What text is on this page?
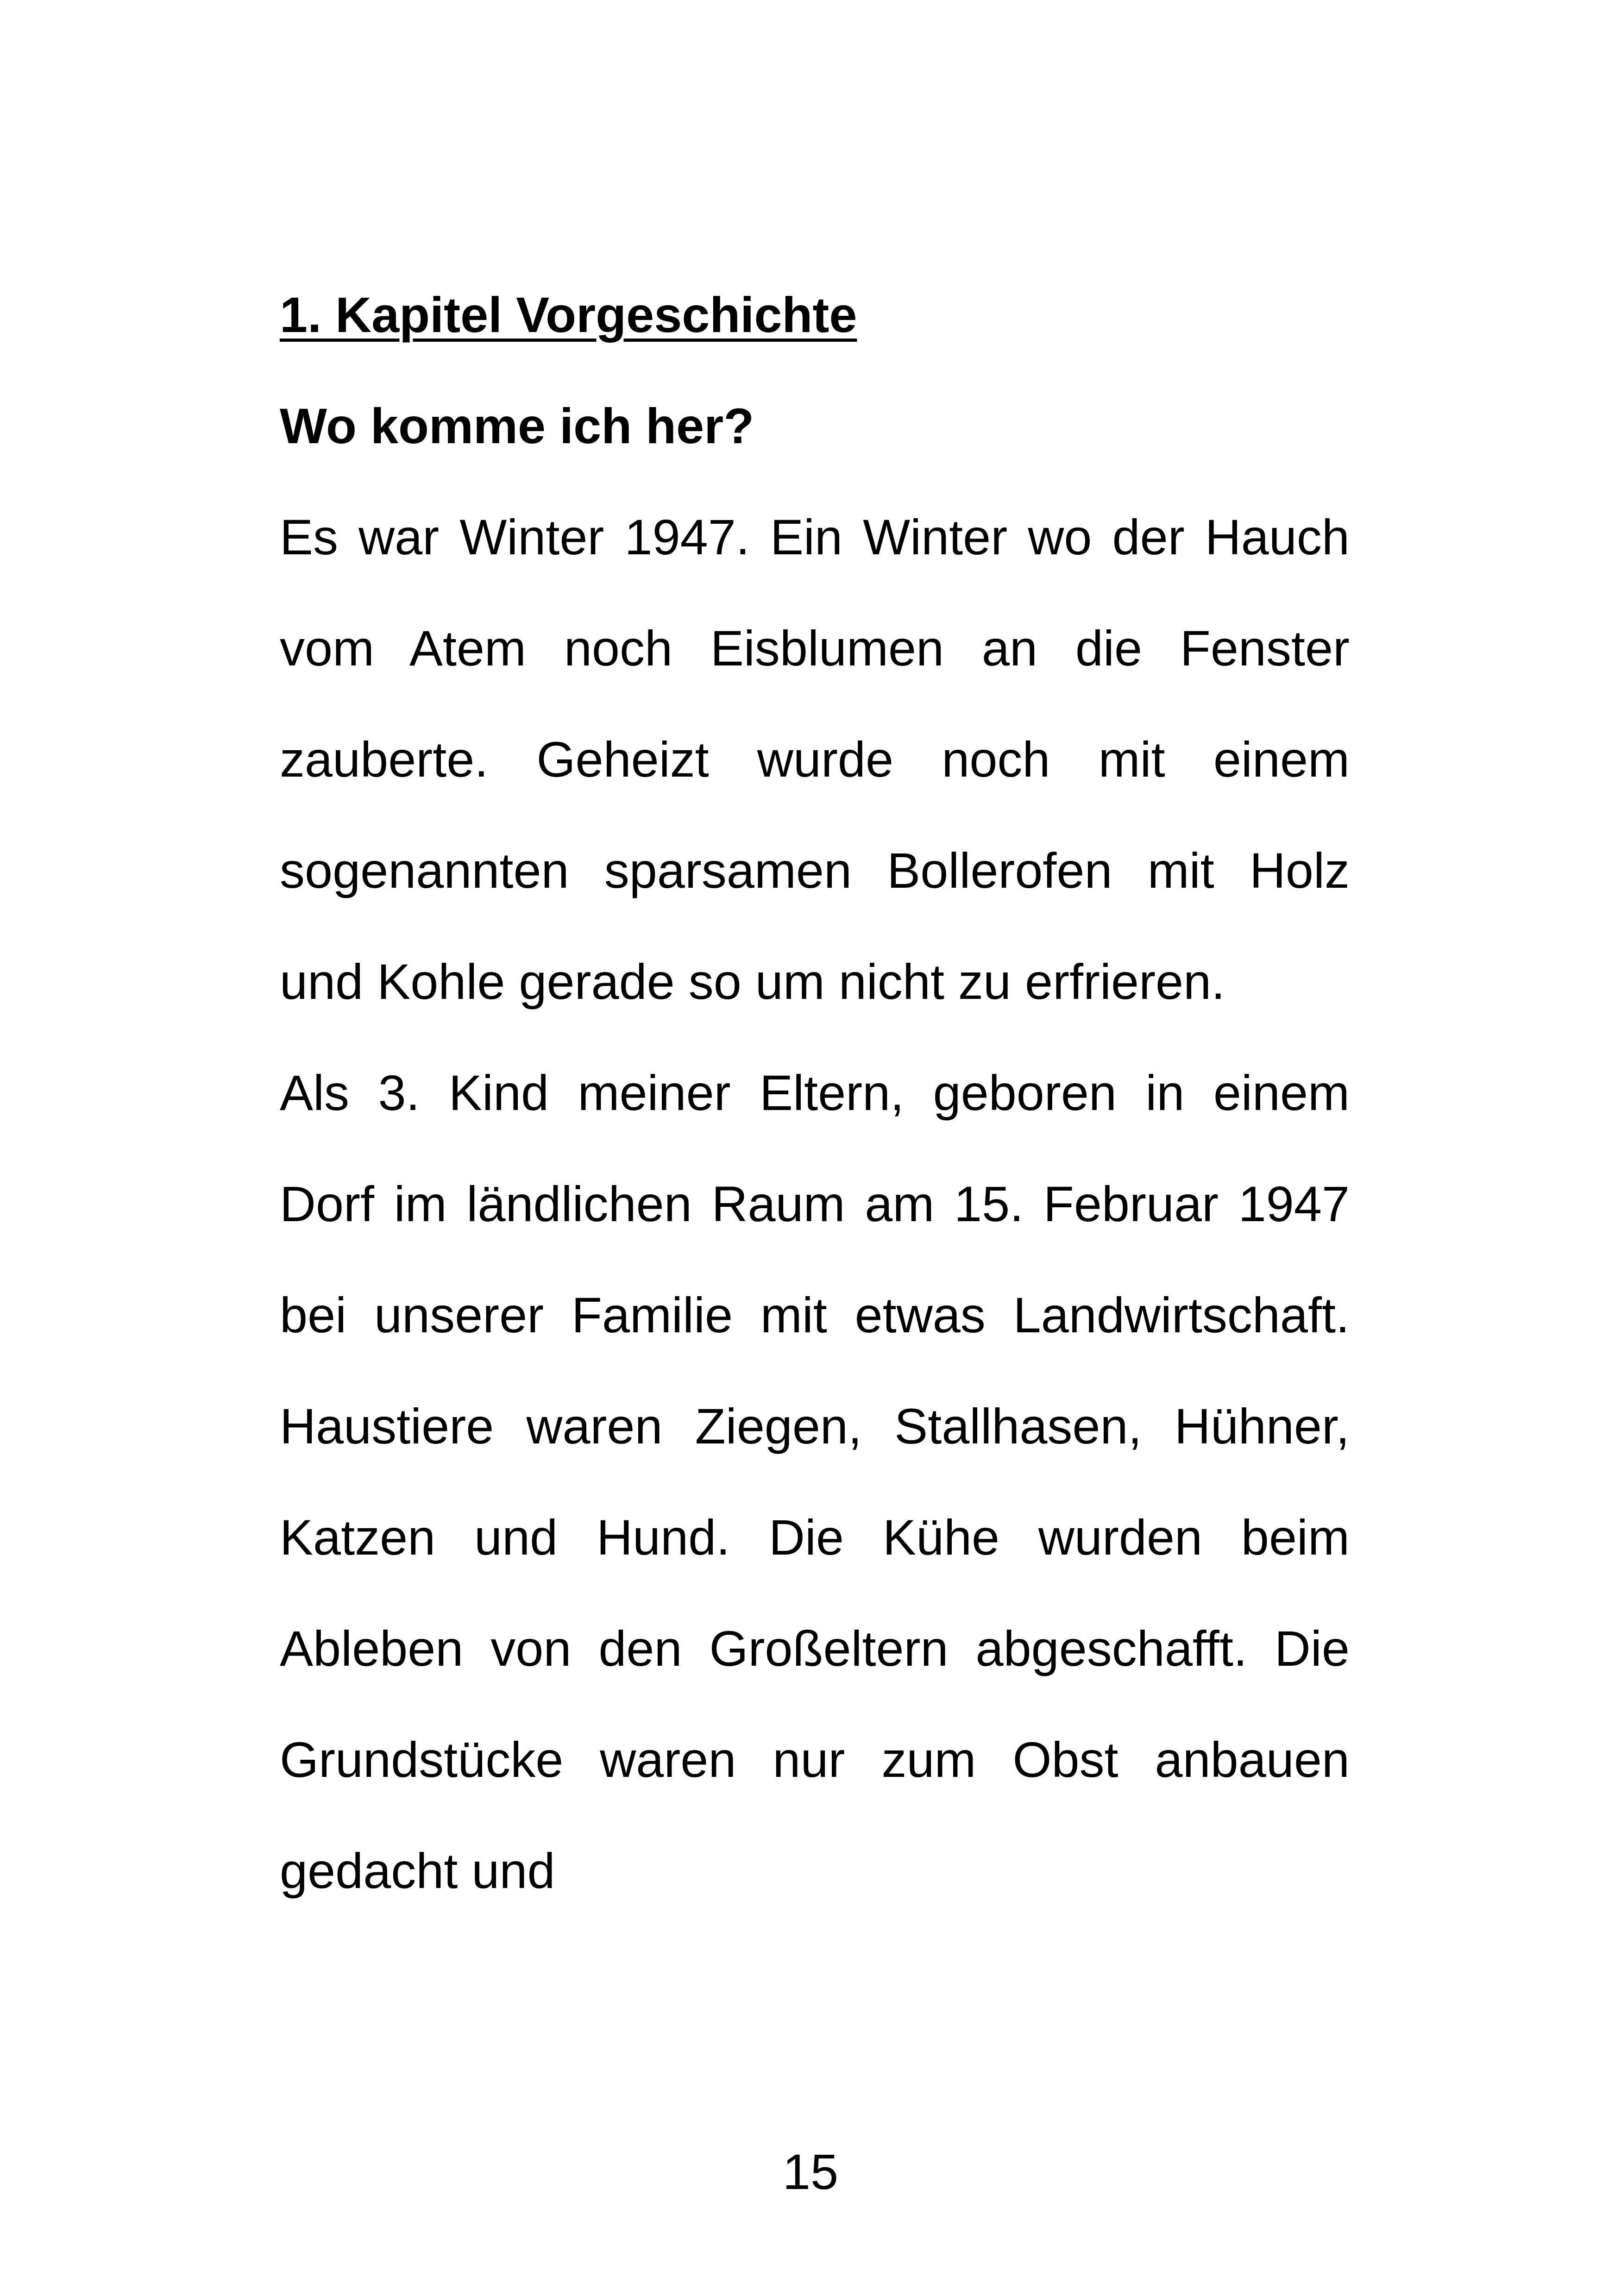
1. Kapitel Vorgeschichte
Wo komme ich her?

Es war Winter 1947. Ein Winter wo der Hauch vom Atem noch Eisblumen an die Fenster zauberte. Geheizt wurde noch mit einem sogenannten sparsamen Bollerofen mit Holz und Kohle gerade so um nicht zu erfrieren.

Als 3. Kind meiner Eltern, geboren in einem Dorf im ländlichen Raum am 15. Februar 1947 bei unserer Familie mit etwas Landwirtschaft. Haustiere waren Ziegen, Stallhasen, Hühner, Katzen und Hund. Die Kühe wurden beim Ableben von den Großeltern abgeschafft. Die Grundstücke waren nur zum Obst anbauen gedacht und

15
